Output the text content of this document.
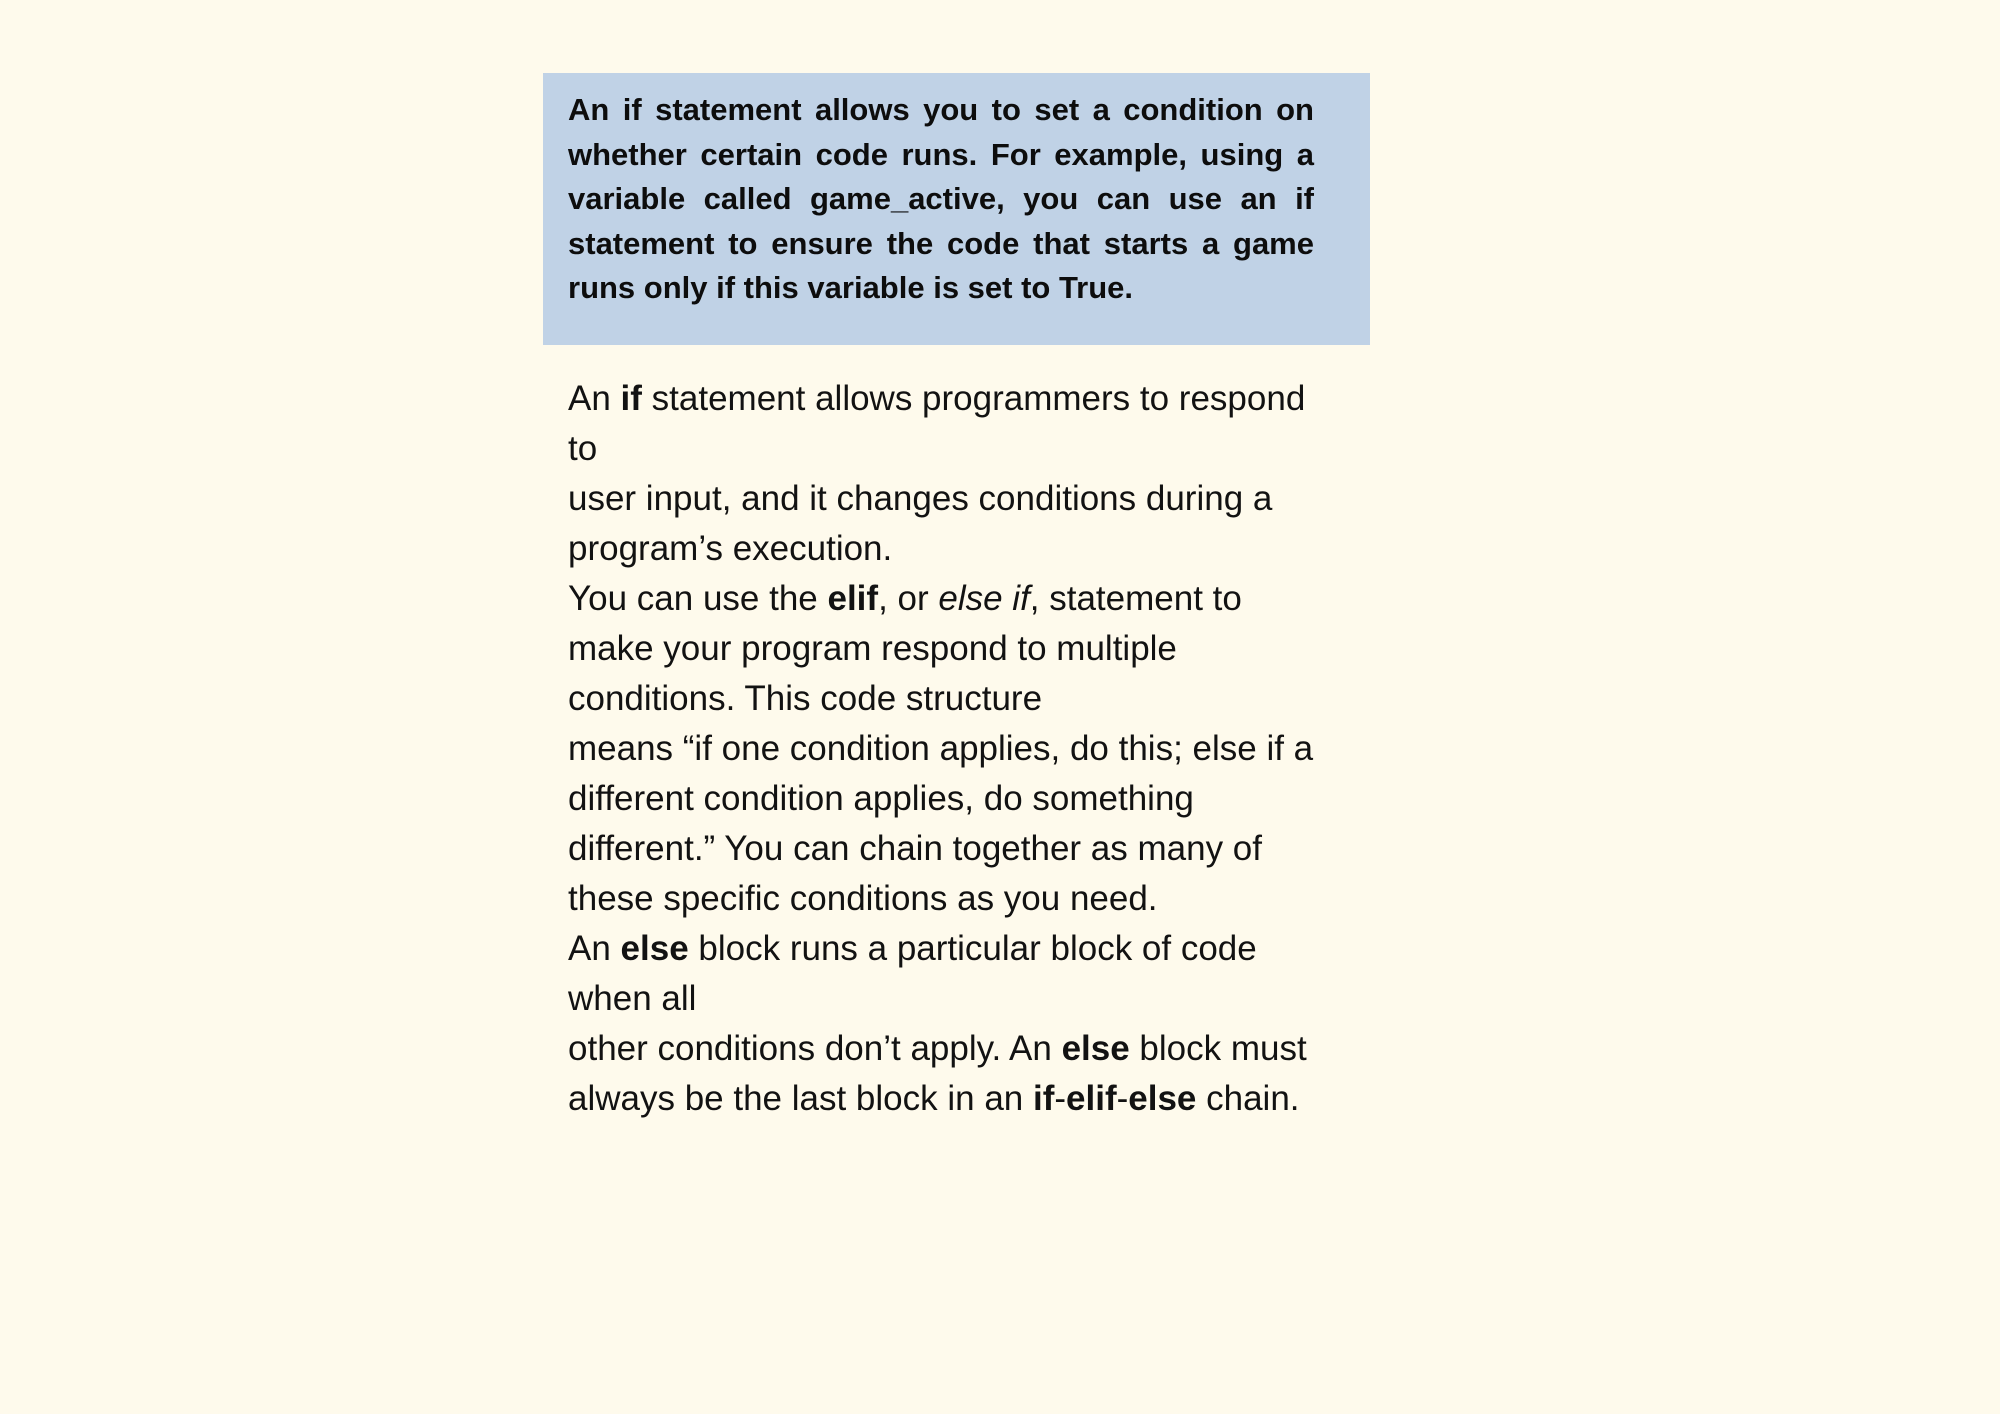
An if statement allows you to set a condition on whether certain code runs. For example, using a variable called game_active, you can use an if statement to ensure the code that starts a game runs only if this variable is set to True.

An if statement allows programmers to respond
to
user input, and it changes conditions during a
program’s execution.
You can use the elif, or else if, statement to
make your program respond to multiple
conditions. This code structure
means “if one condition applies, do this; else if a
different condition applies, do something
different.” You can chain together as many of
these specific conditions as you need.
An else block runs a particular block of code
when all
other conditions don’t apply. An else block must
always be the last block in an if-elif-else chain.
